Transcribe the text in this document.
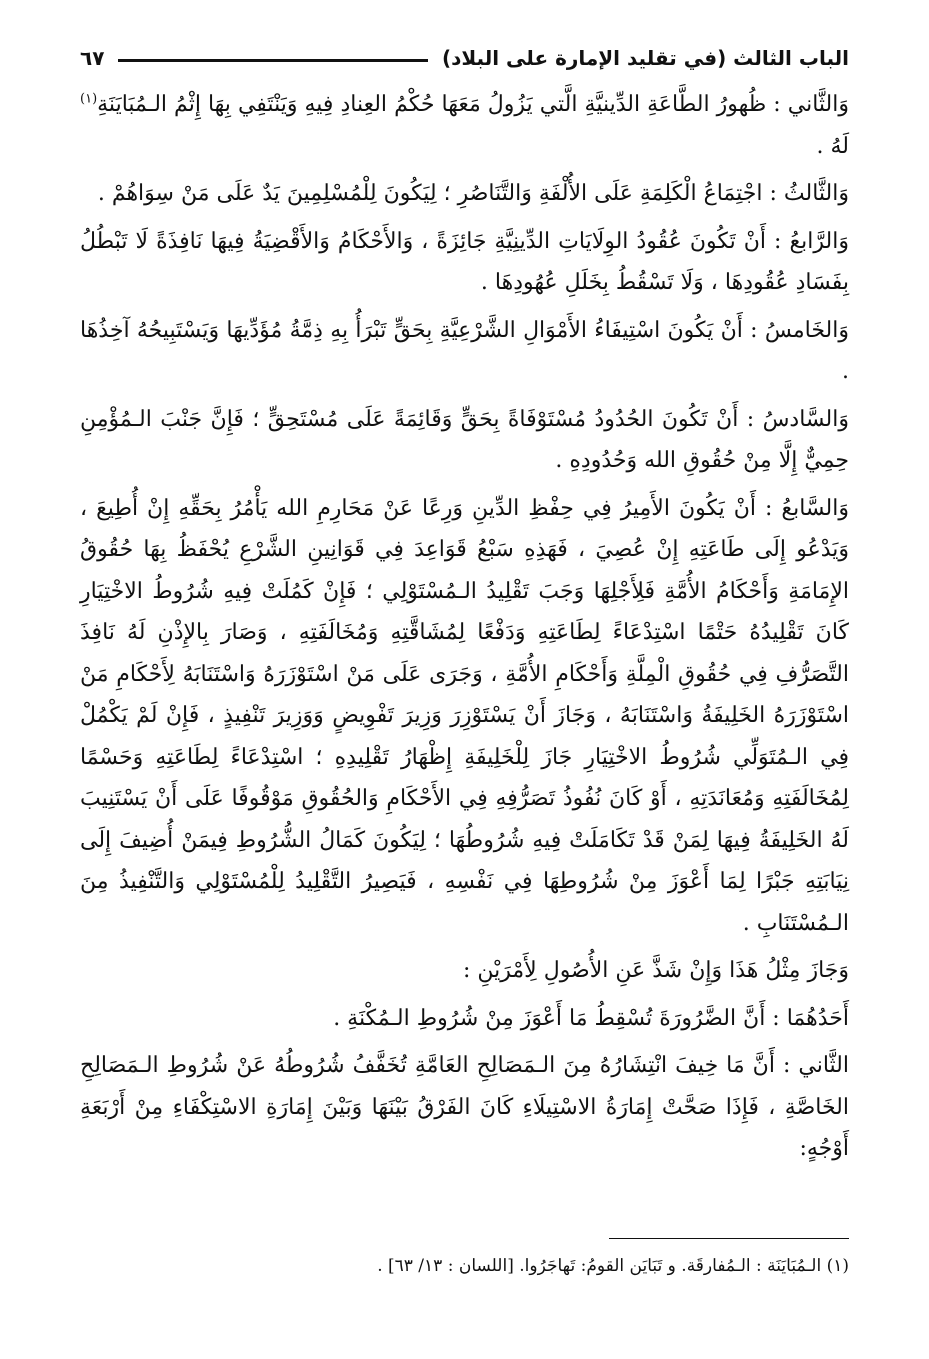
الباب الثالث (في تقليد الإمارة على البلاد)
٦٧

وَالثَّاني : ظُهورُ الطَّاعَةِ الدِّينيَّةِ الَّتي يَزُولُ مَعَهَا حُكْمُ العِنادِ فِيهِ وَيَنْتَفِي بِهَا إِثْمُ الـمُبَايَنَةِ$^{(١)}$ لَهُ .

وَالثَّالثُ : اجْتِمَاعُ الْكَلِمَةِ عَلَى الأُلْفَةِ وَالتَّنَاصُرِ ؛ لِيَكُونَ لِلْمُسْلِمِينَ يَدٌ عَلَى مَنْ سِوَاهُمْ .

وَالرَّابعُ : أَنْ تَكُونَ عُقُودُ الوِلَايَاتِ الدِّينِيَّةِ جَائِزَةً ، وَالأَحْكَامُ وَالأَقْضِيَةُ فِيهَا نَافِذَةً لَا تَبْطُلُ بِفَسَادِ عُقُودِهَا ، وَلَا تَسْقُطُ بِخَلَلِ عُهُودِهَا .

وَالخَامسُ : أَنْ يَكُونَ اسْتِيفَاءُ الأَمْوَالِ الشَّرْعِيَّةِ بِحَقٍّ تَبْرَأُ بِهِ ذِمَّةُ مُؤَدِّيهَا وَيَسْتَبِيحُهُ آخِذُهَا .

وَالسَّادسُ : أَنْ تَكُونَ الحُدُودُ مُسْتَوْفَاةً بِحَقٍّ وَقَائِمَةً عَلَى مُسْتَحِقٍّ ؛ فَإِنَّ جَنْبَ الـمُؤْمِنِ حِمِيٌّ إِلَّا مِنْ حُقُوقِ الله وَحُدُودِهِ .

وَالسَّابعُ : أَنْ يَكُونَ الأَمِيرُ فِي حِفْظِ الدِّينِ وَرِعًا عَنْ مَحَارِمِ الله يَأْمُرُ بِحَقِّهِ إِنْ أُطِيعَ ، وَيَدْعُو إِلَى طَاعَتِهِ إِنْ عُصِيَ ، فَهَذِهِ سَبْعُ قَوَاعِدَ فِي قَوَانِينِ الشَّرْعِ يُحْفَظُ بِهَا حُقُوقُ الإِمَامَةِ وَأَحْكَامُ الأُمَّةِ فَلِأَجْلِهَا وَجَبَ تَقْلِيدُ الـمُسْتَوْلِي ؛ فَإِنْ كَمُلَتْ فِيهِ شُرُوطُ الاخْتِيَارِ كَانَ تَقْلِيدُهُ حَتْمًا اسْتِدْعَاءً لِطَاعَتِهِ وَدَفْعًا لِمُشَاقَّتِهِ وَمُخَالَفَتِهِ ، وَصَارَ بِالإِذْنِ لَهُ نَافِذَ التَّصَرُّفِ فِي حُقُوقِ الْمِلَّةِ وَأَحْكَامِ الأُمَّةِ ، وَجَرَى عَلَى مَنْ اسْتَوْزَرَهُ وَاسْتَنَابَهُ لِأَحْكَامِ مَنْ اسْتَوْزَرَهُ الخَلِيفَةُ وَاسْتَنَابَهُ ، وَجَازَ أَنْ يَسْتَوْزِرَ وَزِيرَ تَفْوِيضٍ وَوَزِيرَ تَنْفِيذٍ ، فَإِنْ لَمْ يَكْمُلْ فِي الـمُتَوَلِّي شُرُوطُ الاخْتِيَارِ جَازَ لِلْخَلِيفَةِ إِظْهَارُ تَقْلِيدِهِ ؛ اسْتِدْعَاءً لِطَاعَتِهِ وَحَسْمًا لِمُخَالَفَتِهِ وَمُعَانَدَتِهِ ، أَوْ كَانَ نُفُوذُ تَصَرُّفِهِ فِي الأَحْكَامِ وَالحُقُوقِ مَوْقُوفًا عَلَى أَنْ يَسْتَنِيبَ لَهُ الخَلِيفَةُ فِيهَا لِمَنْ قَدْ تَكَامَلَتْ فِيهِ شُرُوطُهَا ؛ لِيَكُونَ كَمَالُ الشُّرُوطِ فِيمَنْ أُضِيفَ إِلَى نِيَابَتِهِ جَبْرًا لِمَا أَعْوَزَ مِنْ شُرُوطِهَا فِي نَفْسِهِ ، فَيَصِيرُ التَّقْلِيدُ لِلْمُسْتَوْلِي وَالتَّنْفِيذُ مِنَ الـمُسْتَنَابِ .

وَجَازَ مِثْلُ هَذَا وَإِنْ شَذَّ عَنِ الأُصُولِ لِأَمْرَيْنِ :

أَحَدُهُمَا : أَنَّ الضَّرُورَةَ تُسْقِطُ مَا أَعْوَزَ مِنْ شُرُوطِ الـمُكْنَةِ .

الثَّاني : أَنَّ مَا خِيفَ انْتِشَارُهُ مِنَ الـمَصَالِحِ العَامَّةِ تُخَفَّفُ شُرُوطُهُ عَنْ شُرُوطِ الـمَصَالِحِ الخَاصَّةِ ، فَإِذَا صَحَّتْ إِمَارَةُ الاسْتِيلَاءِ كَانَ الفَرْقُ بَيْنَهَا وَبَيْنَ إِمَارَةِ الاسْتِكْفَاءِ مِنْ أَرْبَعَةِ أَوْجُهٍ:

(١) الـمُبَايَنَة : الـمُفارقَة. و تَبَايَن القومُ: تَهاجَرُوا. [اللسان : ١٣/ ٦٣] .
